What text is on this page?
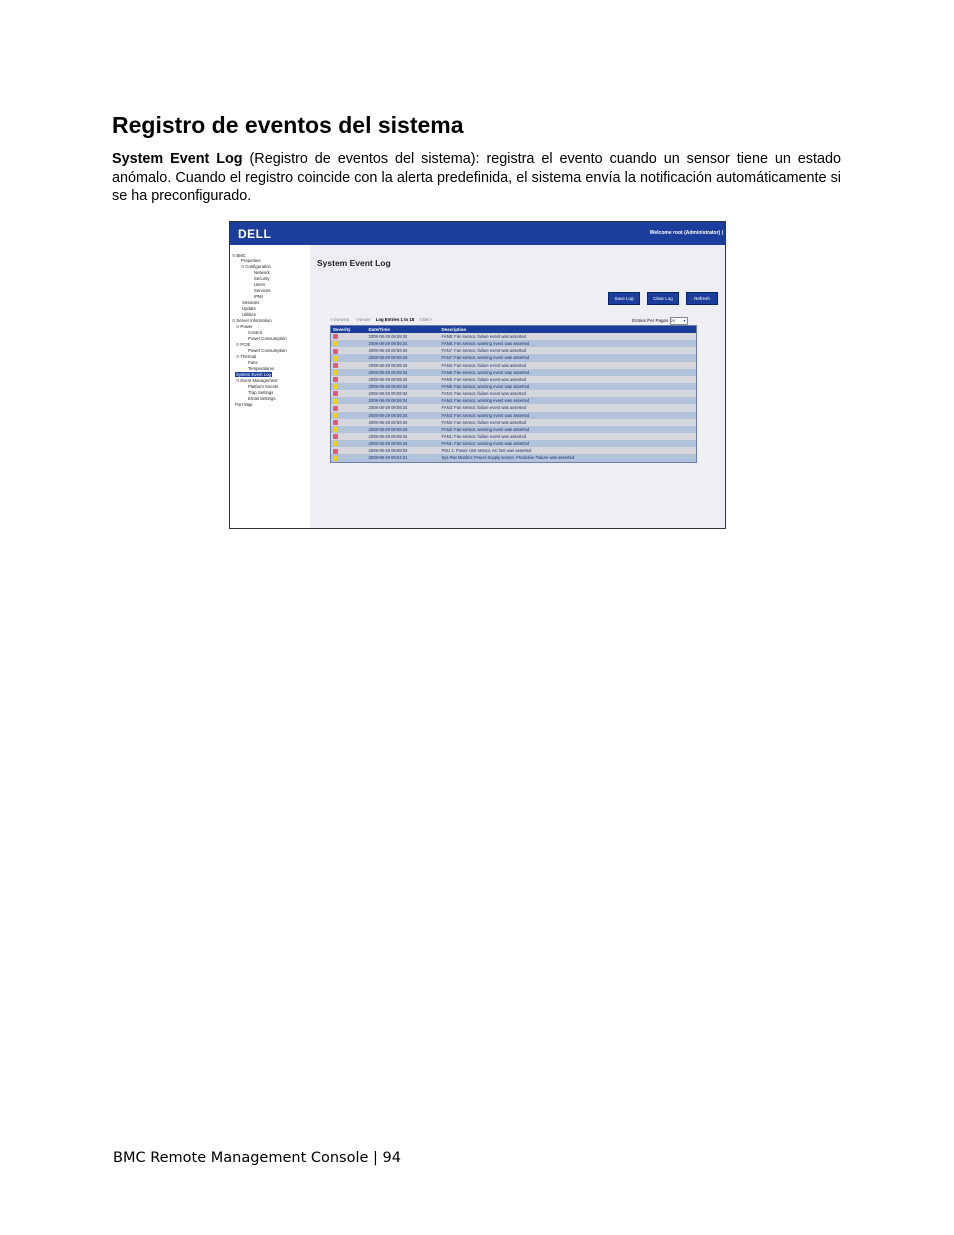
Registro de eventos del sistema

System Event Log (Registro de eventos del sistema): registra el evento cuando un sensor tiene un estado anómalo. Cuando el registro coincide con la alerta predefinida, el sistema envía la notificación automáticamente si se ha preconfigurado.

DELL	Welcome root (Administrator) |
⊟BMC
Properties
⊟Configuration
Network
Security
Users
Services
IPMI
Sessions
Update
Utilities
⊟Server Information
⊟Power
Control
Power Consumption
⊟PCIE
Power Consumption
⊟Thermal
Fans
Temperatures
System Event Log
⊟Event Management
Platform Events
Trap Settings
Email Settings
Port Map
System Event Log
Save Log	Clear Log	Refresh
<<Newest <Newer Log Entries 1 to 18 Older>	Entries Per Pages 20 ▾
Severity	Date/Time	Description
	2008-08-29 09:59:34	FAN8: Fan sensor, failure event was asserted
	2008-08-29 09:59:34	FAN8: Fan sensor, warning event was asserted
	2008-08-29 09:59:34	FAN7: Fan sensor, failure event was asserted
	2008-08-29 09:59:34	FAN7: Fan sensor, warning event was asserted
	2008-08-29 09:59:34	FAN6: Fan sensor, failure event was asserted
	2008-08-29 09:59:34	FAN6: Fan sensor, warning event was asserted
	2008-08-29 09:59:34	FAN5: Fan sensor, failure event was asserted
	2008-08-29 09:59:34	FAN5: Fan sensor, warning event was asserted
	2008-08-29 09:59:34	FAN4: Fan sensor, failure event was asserted
	2008-08-29 09:59:34	FAN4: Fan sensor, warning event was asserted
	2008-08-29 09:59:34	FAN3: Fan sensor, failure event was asserted
	2008-08-29 09:59:34	FAN3: Fan sensor, warning event was asserted
	2008-08-29 09:59:34	FAN2: Fan sensor, failure event was asserted
	2008-08-29 09:59:34	FAN2: Fan sensor, warning event was asserted
	2008-08-29 09:59:34	FAN1: Fan sensor, failure event was asserted
	2008-08-29 09:59:34	FAN1: Fan sensor, warning event was asserted
	2008-08-29 09:59:03	PSU 1: Power Unit sensor, AC lost was asserted
	2008-08-29 09:04:31	Sys Pwr Monitor: Power Supply sensor, Predictive Failure was asserted
BMC Remote Management Console | 94
